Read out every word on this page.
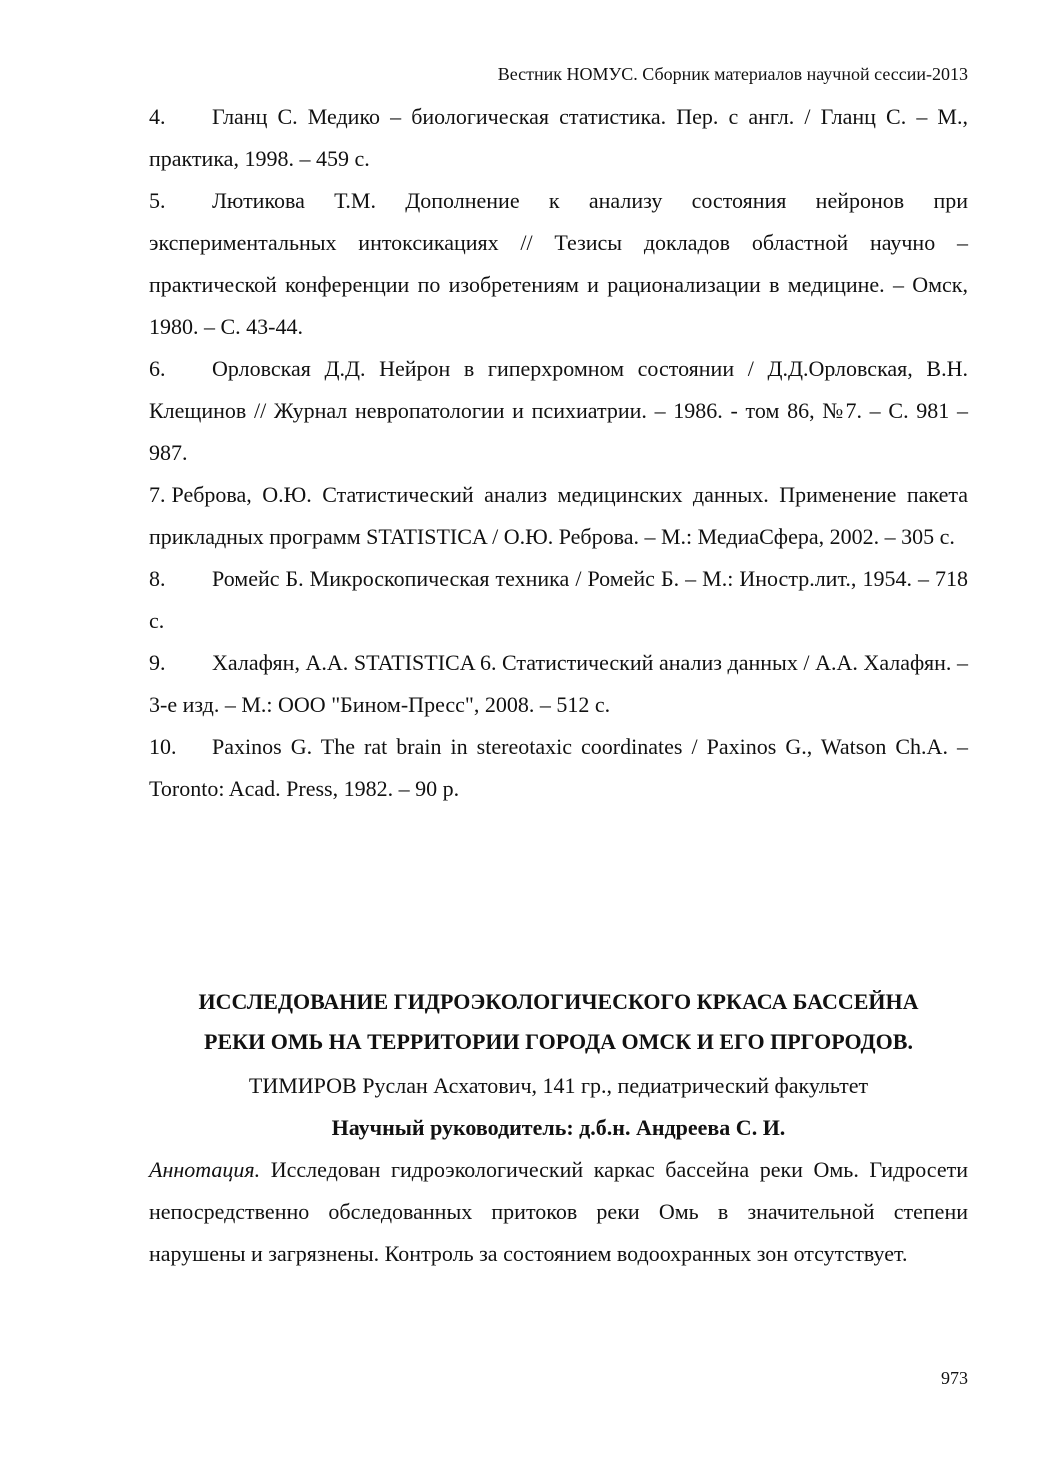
Вестник НОМУС. Сборник материалов научной сессии-2013

4. Гланц С. Медико – биологическая статистика. Пер. с англ. / Гланц С. – М., практика, 1998. – 459 с.

5. Лютикова Т.М. Дополнение к анализу состояния нейронов при экспериментальных интоксикациях // Тезисы докладов областной научно – практической конференции по изобретениям и рационализации в медицине. – Омск, 1980. – С. 43-44.

6. Орловская Д.Д. Нейрон в гиперхромном состоянии / Д.Д.Орловская, В.Н. Клещинов // Журнал невропатологии и психиатрии. – 1986. - том 86, №7. – С. 981 – 987.

7. Реброва, О.Ю. Статистический анализ медицинских данных. Применение пакета прикладных программ STATISTICA / О.Ю. Реброва. – М.: МедиаСфера, 2002. – 305 с.

8. Ромейс Б. Микроскопическая техника / Ромейс Б. – М.: Иностр.лит., 1954. – 718 с.

9. Халафян, А.А. STATISTICA 6. Статистический анализ данных / А.А. Халафян. – 3-е изд. – М.: ООО "Бином-Пресс", 2008. – 512 с.

10. Paxinos G. The rat brain in stereotaxic coordinates / Paxinos G., Watson Ch.A. – Toronto: Acad. Press, 1982. – 90 p.

ИССЛЕДОВАНИЕ ГИДРОЭКОЛОГИЧЕСКОГО КРКАСА БАССЕЙНА
РЕКИ ОМЬ НА ТЕРРИТОРИИ ГОРОДА ОМСК И ЕГО ПРГОРОДОВ.

ТИМИРОВ Руслан Асхатович, 141 гр., педиатрический факультет

Научный руководитель: д.б.н. Андреева С. И.

Аннотация. Исследован гидроэкологический каркас бассейна реки Омь. Гидросети непосредственно обследованных притоков реки Омь в значительной степени нарушены и загрязнены. Контроль за состоянием водоохранных зон отсутствует.

973
